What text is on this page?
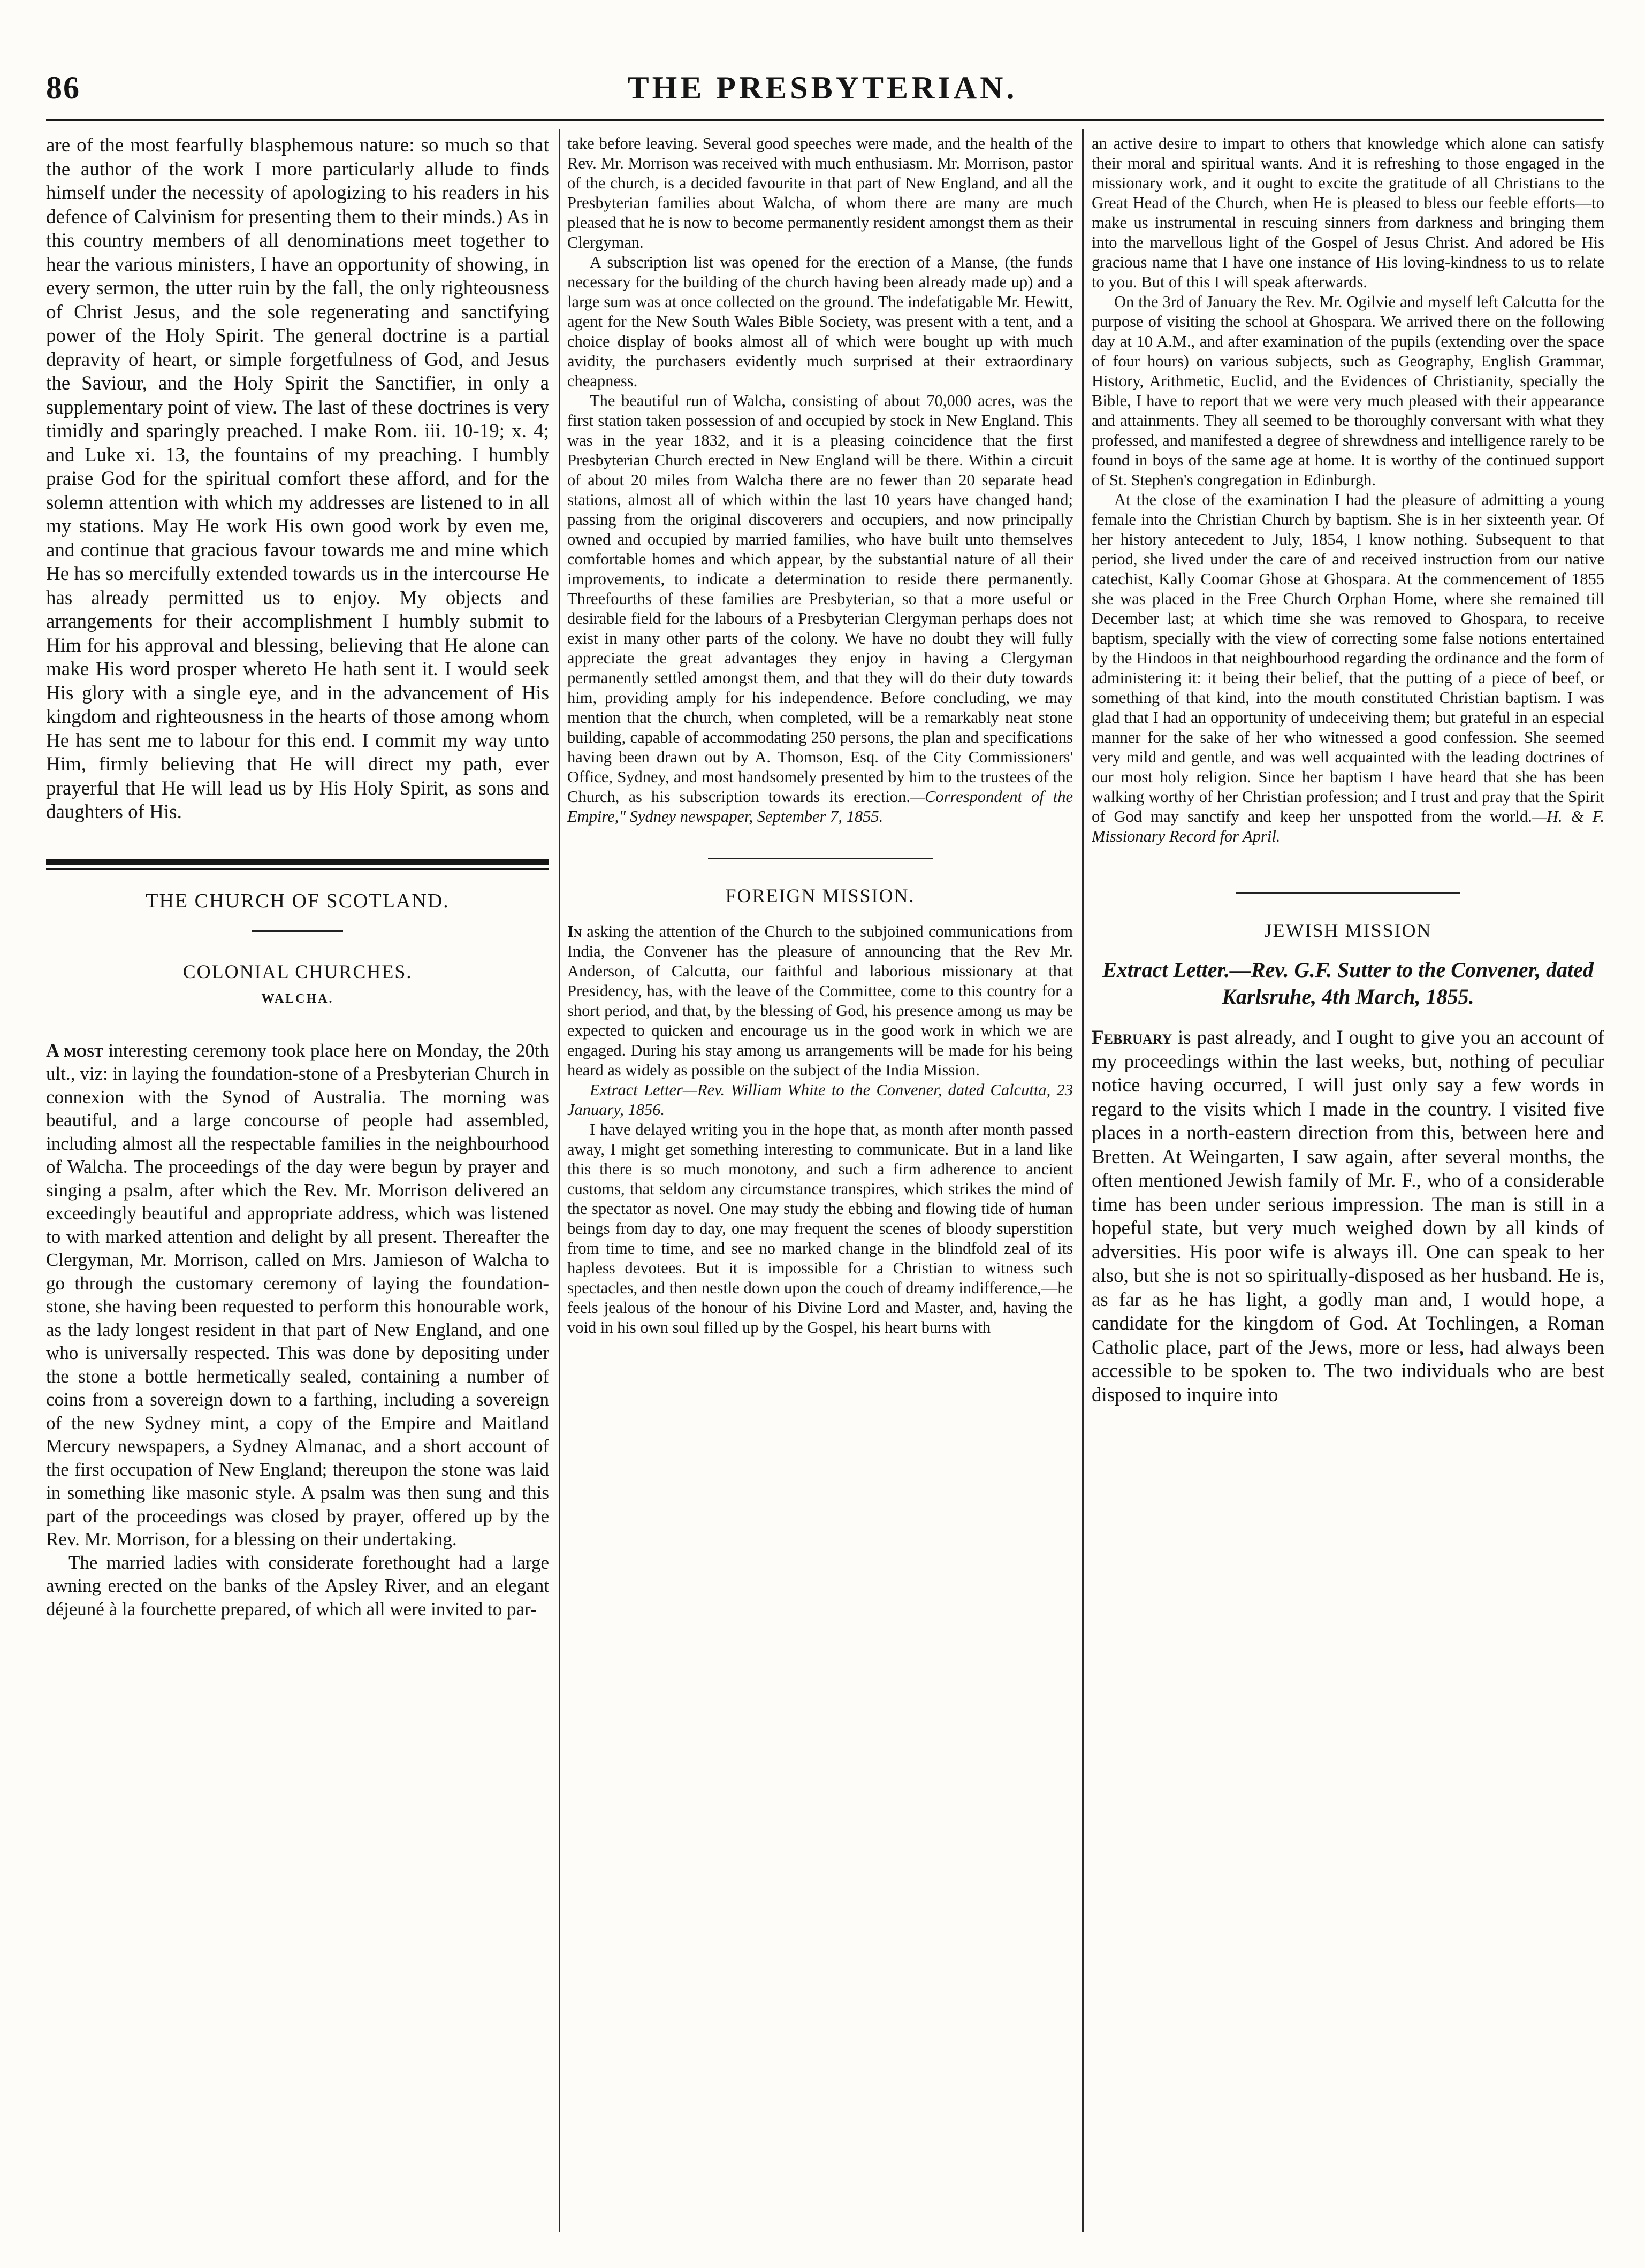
86	THE PRESBYTERIAN.

are of the most fearfully blasphemous nature: so much so that the author of the work I more particularly allude to finds himself under the necessity of apologizing to his readers in his defence of Calvinism for presenting them to their minds.) As in this country members of all denominations meet together to hear the various ministers, I have an opportunity of showing, in every sermon, the utter ruin by the fall, the only righteousness of Christ Jesus, and the sole regenerating and sanctifying power of the Holy Spirit. The general doctrine is a partial depravity of heart, or simple forgetfulness of God, and Jesus the Saviour, and the Holy Spirit the Sanctifier, in only a supplementary point of view. The last of these doctrines is very timidly and sparingly preached. I make Rom. iii. 10-19; x. 4; and Luke xi. 13, the fountains of my preaching. I humbly praise God for the spiritual comfort these afford, and for the solemn attention with which my addresses are listened to in all my stations. May He work His own good work by even me, and continue that gracious favour towards me and mine which He has so mercifully extended towards us in the intercourse He has already permitted us to enjoy. My objects and arrangements for their accomplishment I humbly submit to Him for his approval and blessing, believing that He alone can make His word prosper whereto He hath sent it. I would seek His glory with a single eye, and in the advancement of His kingdom and righteousness in the hearts of those among whom He has sent me to labour for this end. I commit my way unto Him, firmly believing that He will direct my path, ever prayerful that He will lead us by His Holy Spirit, as sons and daughters of His.

THE CHURCH OF SCOTLAND.

COLONIAL CHURCHES.

WALCHA.

A most interesting ceremony took place here on Monday, the 20th ult., viz: in laying the foundation-stone of a Presbyterian Church in connexion with the Synod of Australia. The morning was beautiful, and a large concourse of people had assembled, including almost all the respectable families in the neighbourhood of Walcha. The proceedings of the day were begun by prayer and singing a psalm, after which the Rev. Mr. Morrison delivered an exceedingly beautiful and appropriate address, which was listened to with marked attention and delight by all present. Thereafter the Clergyman, Mr. Morrison, called on Mrs. Jamieson of Walcha to go through the customary ceremony of laying the foundation-stone, she having been requested to perform this honourable work, as the lady longest resident in that part of New England, and one who is universally respected. This was done by depositing under the stone a bottle hermetically sealed, containing a number of coins from a sovereign down to a farthing, including a sovereign of the new Sydney mint, a copy of the Empire and Maitland Mercury newspapers, a Sydney Almanac, and a short account of the first occupation of New England; thereupon the stone was laid in something like masonic style. A psalm was then sung and this part of the proceedings was closed by prayer, offered up by the Rev. Mr. Morrison, for a blessing on their undertaking.

The married ladies with considerate forethought had a large awning erected on the banks of the Apsley River, and an elegant déjeuné à la fourchette prepared, of which all were invited to par-

take before leaving. Several good speeches were made, and the health of the Rev. Mr. Morrison was received with much enthusiasm. Mr. Morrison, pastor of the church, is a decided favourite in that part of New England, and all the Presbyterian families about Walcha, of whom there are many are much pleased that he is now to become permanently resident amongst them as their Clergyman.

A subscription list was opened for the erection of a Manse, (the funds necessary for the building of the church having been already made up) and a large sum was at once collected on the ground. The indefatigable Mr. Hewitt, agent for the New South Wales Bible Society, was present with a tent, and a choice display of books almost all of which were bought up with much avidity, the purchasers evidently much surprised at their extraordinary cheapness.

The beautiful run of Walcha, consisting of about 70,000 acres, was the first station taken possession of and occupied by stock in New England. This was in the year 1832, and it is a pleasing coincidence that the first Presbyterian Church erected in New England will be there. Within a circuit of about 20 miles from Walcha there are no fewer than 20 separate head stations, almost all of which within the last 10 years have changed hand; passing from the original discoverers and occupiers, and now principally owned and occupied by married families, who have built unto themselves comfortable homes and which appear, by the substantial nature of all their improvements, to indicate a determination to reside there permanently. Threefourths of these families are Presbyterian, so that a more useful or desirable field for the labours of a Presbyterian Clergyman perhaps does not exist in many other parts of the colony. We have no doubt they will fully appreciate the great advantages they enjoy in having a Clergyman permanently settled amongst them, and that they will do their duty towards him, providing amply for his independence. Before concluding, we may mention that the church, when completed, will be a remarkably neat stone building, capable of accommodating 250 persons, the plan and specifications having been drawn out by A. Thomson, Esq. of the City Commissioners' Office, Sydney, and most handsomely presented by him to the trustees of the Church, as his subscription towards its erection.—Correspondent of the Empire," Sydney newspaper, September 7, 1855.

FOREIGN MISSION.

In asking the attention of the Church to the subjoined communications from India, the Convener has the pleasure of announcing that the Rev Mr. Anderson, of Calcutta, our faithful and laborious missionary at that Presidency, has, with the leave of the Committee, come to this country for a short period, and that, by the blessing of God, his presence among us may be expected to quicken and encourage us in the good work in which we are engaged. During his stay among us arrangements will be made for his being heard as widely as possible on the subject of the India Mission.

Extract Letter—Rev. William White to the Convener, dated Calcutta, 23 January, 1856.

I have delayed writing you in the hope that, as month after month passed away, I might get something interesting to communicate. But in a land like this there is so much monotony, and such a firm adherence to ancient customs, that seldom any circumstance transpires, which strikes the mind of the spectator as novel. One may study the ebbing and flowing tide of human beings from day to day, one may frequent the scenes of bloody superstition from time to time, and see no marked change in the blindfold zeal of its hapless devotees. But it is impossible for a Christian to witness such spectacles, and then nestle down upon the couch of dreamy indifference,—he feels jealous of the honour of his Divine Lord and Master, and, having the void in his own soul filled up by the Gospel, his heart burns with

an active desire to impart to others that knowledge which alone can satisfy their moral and spiritual wants. And it is refreshing to those engaged in the missionary work, and it ought to excite the gratitude of all Christians to the Great Head of the Church, when He is pleased to bless our feeble efforts—to make us instrumental in rescuing sinners from darkness and bringing them into the marvellous light of the Gospel of Jesus Christ. And adored be His gracious name that I have one instance of His loving-kindness to us to relate to you. But of this I will speak afterwards.

On the 3rd of January the Rev. Mr. Ogilvie and myself left Calcutta for the purpose of visiting the school at Ghospara. We arrived there on the following day at 10 A.M., and after examination of the pupils (extending over the space of four hours) on various subjects, such as Geography, English Grammar, History, Arithmetic, Euclid, and the Evidences of Christianity, specially the Bible, I have to report that we were very much pleased with their appearance and attainments. They all seemed to be thoroughly conversant with what they professed, and manifested a degree of shrewdness and intelligence rarely to be found in boys of the same age at home. It is worthy of the continued support of St. Stephen's congregation in Edinburgh.

At the close of the examination I had the pleasure of admitting a young female into the Christian Church by baptism. She is in her sixteenth year. Of her history antecedent to July, 1854, I know nothing. Subsequent to that period, she lived under the care of and received instruction from our native catechist, Kally Coomar Ghose at Ghospara. At the commencement of 1855 she was placed in the Free Church Orphan Home, where she remained till December last; at which time she was removed to Ghospara, to receive baptism, specially with the view of correcting some false notions entertained by the Hindoos in that neighbourhood regarding the ordinance and the form of administering it: it being their belief, that the putting of a piece of beef, or something of that kind, into the mouth constituted Christian baptism. I was glad that I had an opportunity of undeceiving them; but grateful in an especial manner for the sake of her who witnessed a good confession. She seemed very mild and gentle, and was well acquainted with the leading doctrines of our most holy religion. Since her baptism I have heard that she has been walking worthy of her Christian profession; and I trust and pray that the Spirit of God may sanctify and keep her unspotted from the world.—H. & F. Missionary Record for April.

JEWISH MISSION

Extract Letter.—Rev. G.F. Sutter to the Convener, dated Karlsruhe, 4th March, 1855.

February is past already, and I ought to give you an account of my proceedings within the last weeks, but, nothing of peculiar notice having occurred, I will just only say a few words in regard to the visits which I made in the country. I visited five places in a north-eastern direction from this, between here and Bretten. At Weingarten, I saw again, after several months, the often mentioned Jewish family of Mr. F., who of a considerable time has been under serious impression. The man is still in a hopeful state, but very much weighed down by all kinds of adversities. His poor wife is always ill. One can speak to her also, but she is not so spiritually-disposed as her husband. He is, as far as he has light, a godly man and, I would hope, a candidate for the kingdom of God. At Tochlingen, a Roman Catholic place, part of the Jews, more or less, had always been accessible to be spoken to. The two individuals who are best disposed to inquire into
